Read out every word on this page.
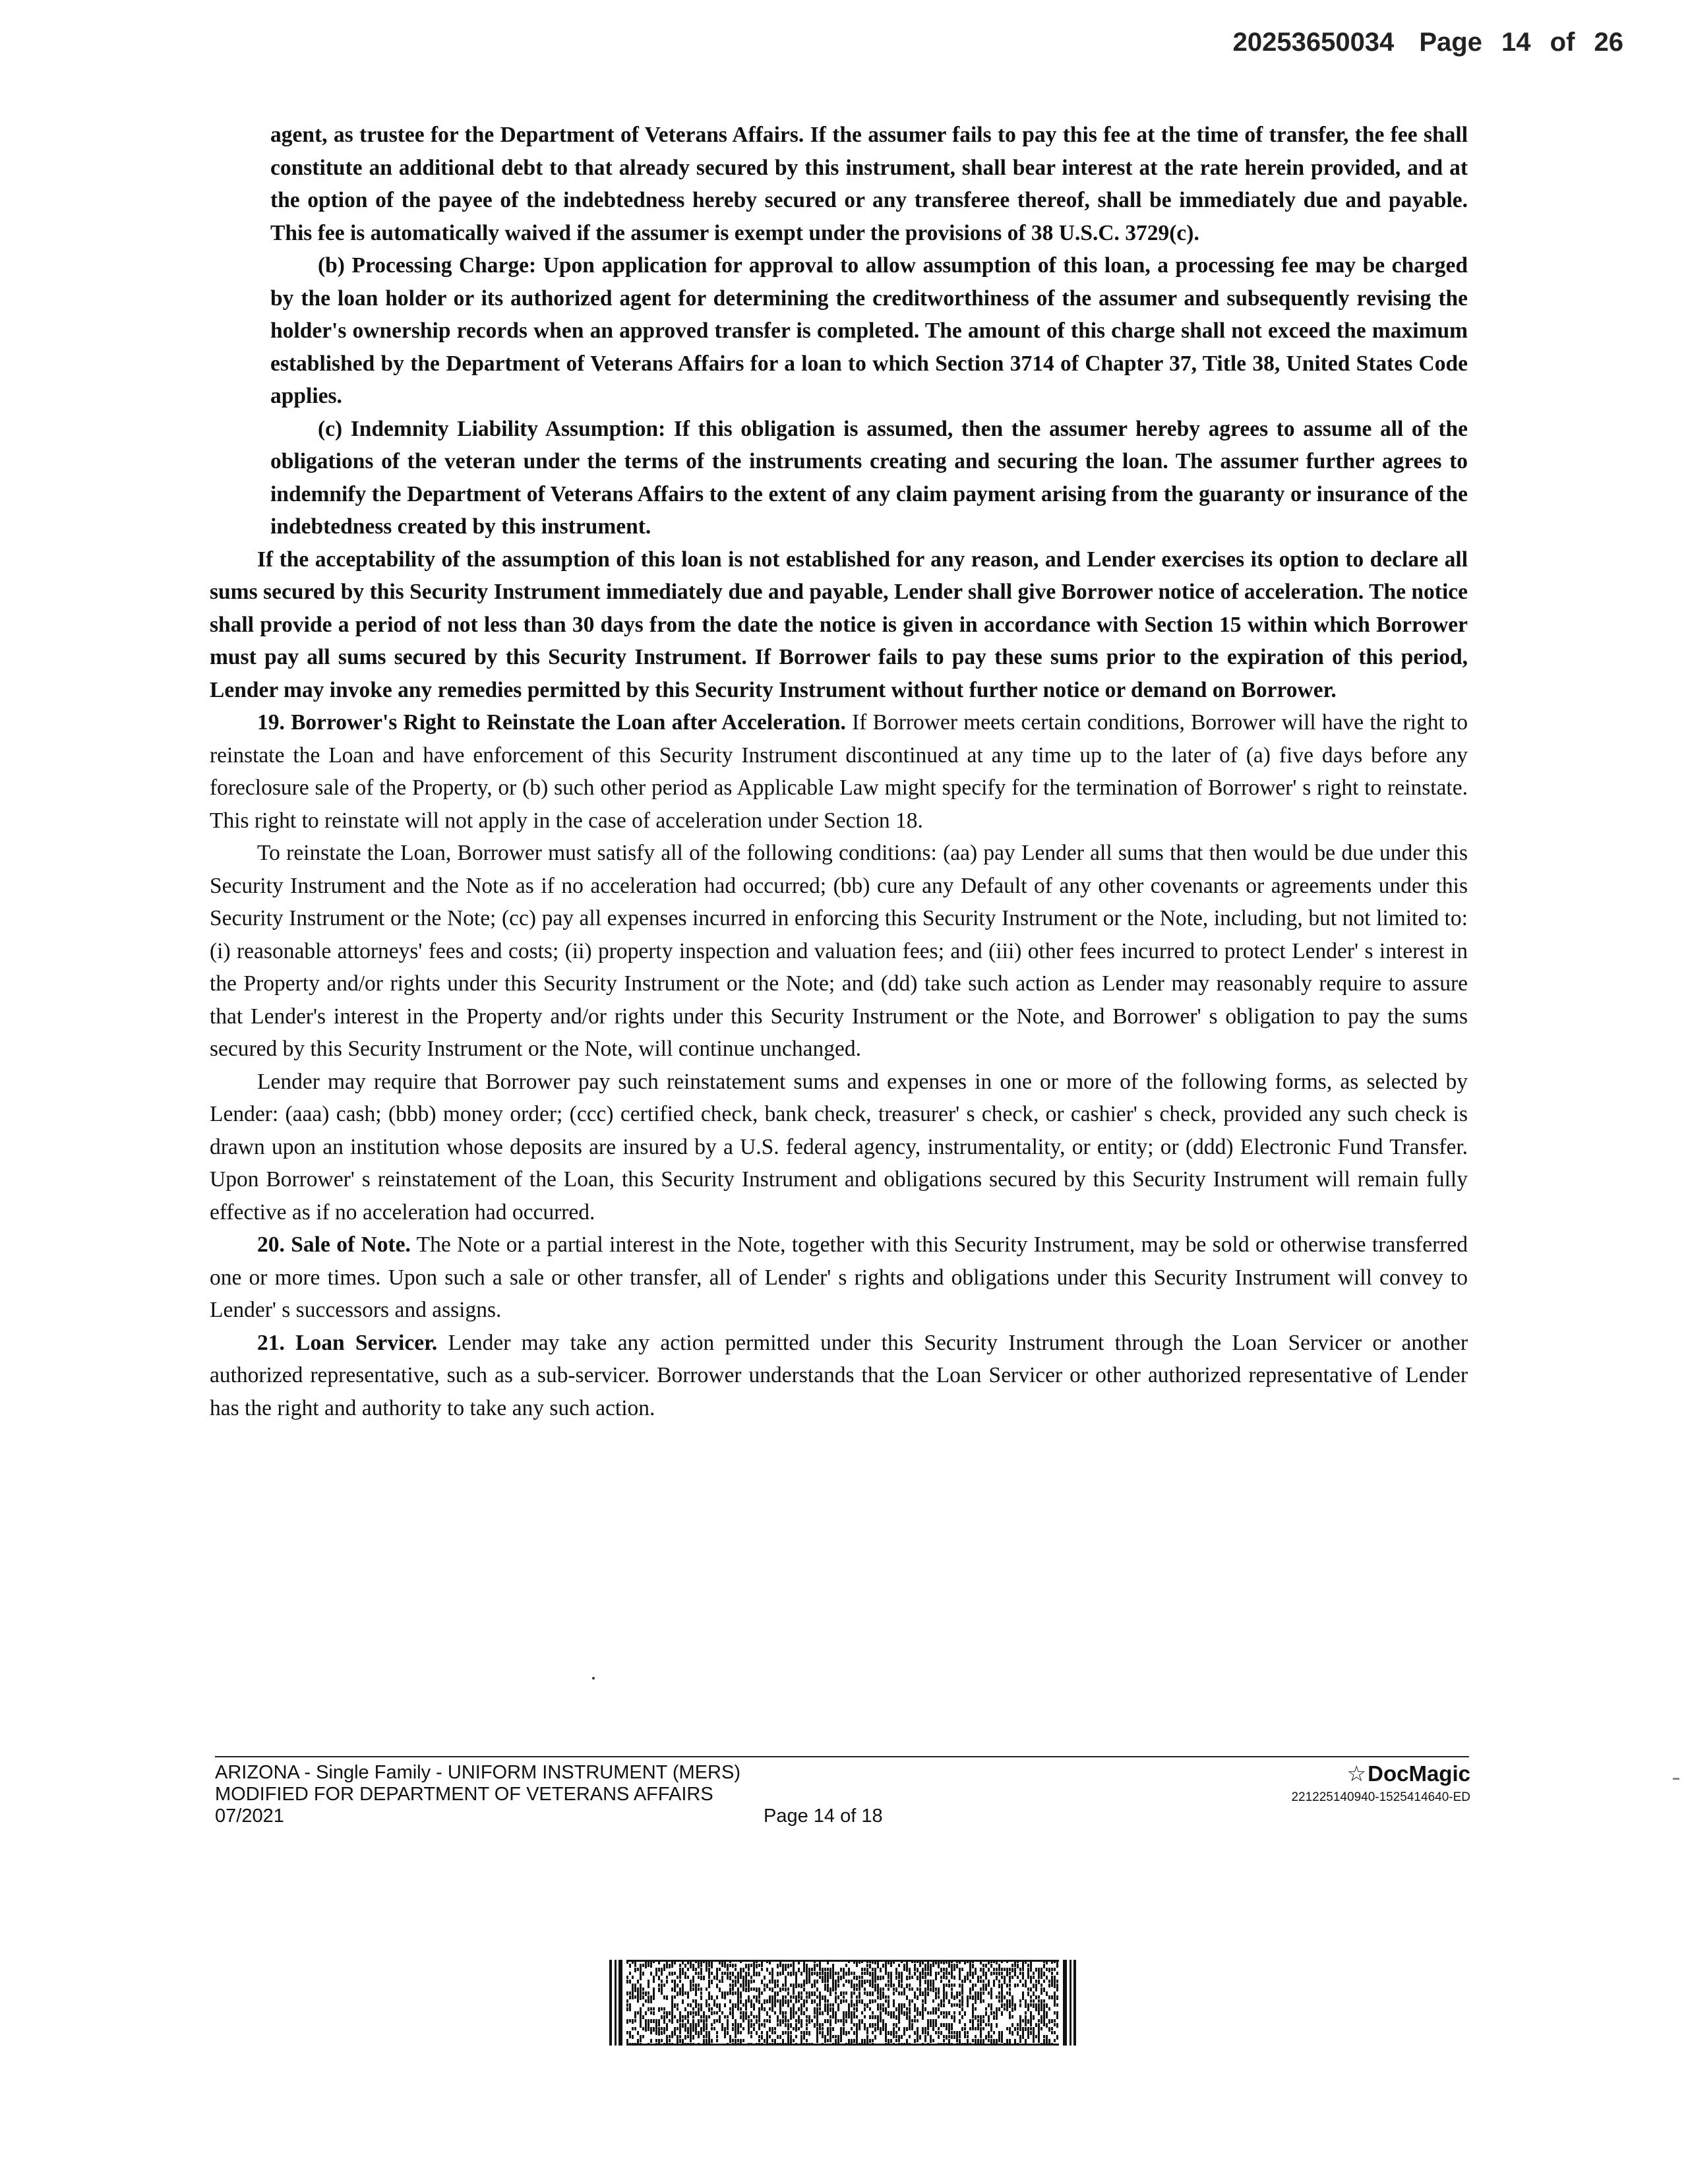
20253650034 Page 14 of 26

agent, as trustee for the Department of Veterans Affairs. If the assumer fails to pay this fee at the time of transfer, the fee shall constitute an additional debt to that already secured by this instrument, shall bear interest at the rate herein provided, and at the option of the payee of the indebtedness hereby secured or any transferee thereof, shall be immediately due and payable. This fee is automatically waived if the assumer is exempt under the provisions of 38 U.S.C. 3729(c).

(b) Processing Charge: Upon application for approval to allow assumption of this loan, a processing fee may be charged by the loan holder or its authorized agent for determining the creditworthiness of the assumer and subsequently revising the holder's ownership records when an approved transfer is completed. The amount of this charge shall not exceed the maximum established by the Department of Veterans Affairs for a loan to which Section 3714 of Chapter 37, Title 38, United States Code applies.

(c) Indemnity Liability Assumption: If this obligation is assumed, then the assumer hereby agrees to assume all of the obligations of the veteran under the terms of the instruments creating and securing the loan. The assumer further agrees to indemnify the Department of Veterans Affairs to the extent of any claim payment arising from the guaranty or insurance of the indebtedness created by this instrument.

If the acceptability of the assumption of this loan is not established for any reason, and Lender exercises its option to declare all sums secured by this Security Instrument immediately due and payable, Lender shall give Borrower notice of acceleration. The notice shall provide a period of not less than 30 days from the date the notice is given in accordance with Section 15 within which Borrower must pay all sums secured by this Security Instrument. If Borrower fails to pay these sums prior to the expiration of this period, Lender may invoke any remedies permitted by this Security Instrument without further notice or demand on Borrower.

19. Borrower's Right to Reinstate the Loan after Acceleration. If Borrower meets certain conditions, Borrower will have the right to reinstate the Loan and have enforcement of this Security Instrument discontinued at any time up to the later of (a) five days before any foreclosure sale of the Property, or (b) such other period as Applicable Law might specify for the termination of Borrower' s right to reinstate. This right to reinstate will not apply in the case of acceleration under Section 18.

To reinstate the Loan, Borrower must satisfy all of the following conditions: (aa) pay Lender all sums that then would be due under this Security Instrument and the Note as if no acceleration had occurred; (bb) cure any Default of any other covenants or agreements under this Security Instrument or the Note; (cc) pay all expenses incurred in enforcing this Security Instrument or the Note, including, but not limited to: (i) reasonable attorneys' fees and costs; (ii) property inspection and valuation fees; and (iii) other fees incurred to protect Lender' s interest in the Property and/or rights under this Security Instrument or the Note; and (dd) take such action as Lender may reasonably require to assure that Lender's interest in the Property and/or rights under this Security Instrument or the Note, and Borrower' s obligation to pay the sums secured by this Security Instrument or the Note, will continue unchanged.

Lender may require that Borrower pay such reinstatement sums and expenses in one or more of the following forms, as selected by Lender: (aaa) cash; (bbb) money order; (ccc) certified check, bank check, treasurer' s check, or cashier' s check, provided any such check is drawn upon an institution whose deposits are insured by a U.S. federal agency, instrumentality, or entity; or (ddd) Electronic Fund Transfer. Upon Borrower' s reinstatement of the Loan, this Security Instrument and obligations secured by this Security Instrument will remain fully effective as if no acceleration had occurred.

20. Sale of Note. The Note or a partial interest in the Note, together with this Security Instrument, may be sold or otherwise transferred one or more times. Upon such a sale or other transfer, all of Lender' s rights and obligations under this Security Instrument will convey to Lender' s successors and assigns.

21. Loan Servicer. Lender may take any action permitted under this Security Instrument through the Loan Servicer or another authorized representative, such as a sub-servicer. Borrower understands that the Loan Servicer or other authorized representative of Lender has the right and authority to take any such action.

ARIZONA - Single Family - UNIFORM INSTRUMENT (MERS)
MODIFIED FOR DEPARTMENT OF VETERANS AFFAIRS
07/2021	Page 14 of 18
☆DocMagic
221225140940-1525414640-ED
